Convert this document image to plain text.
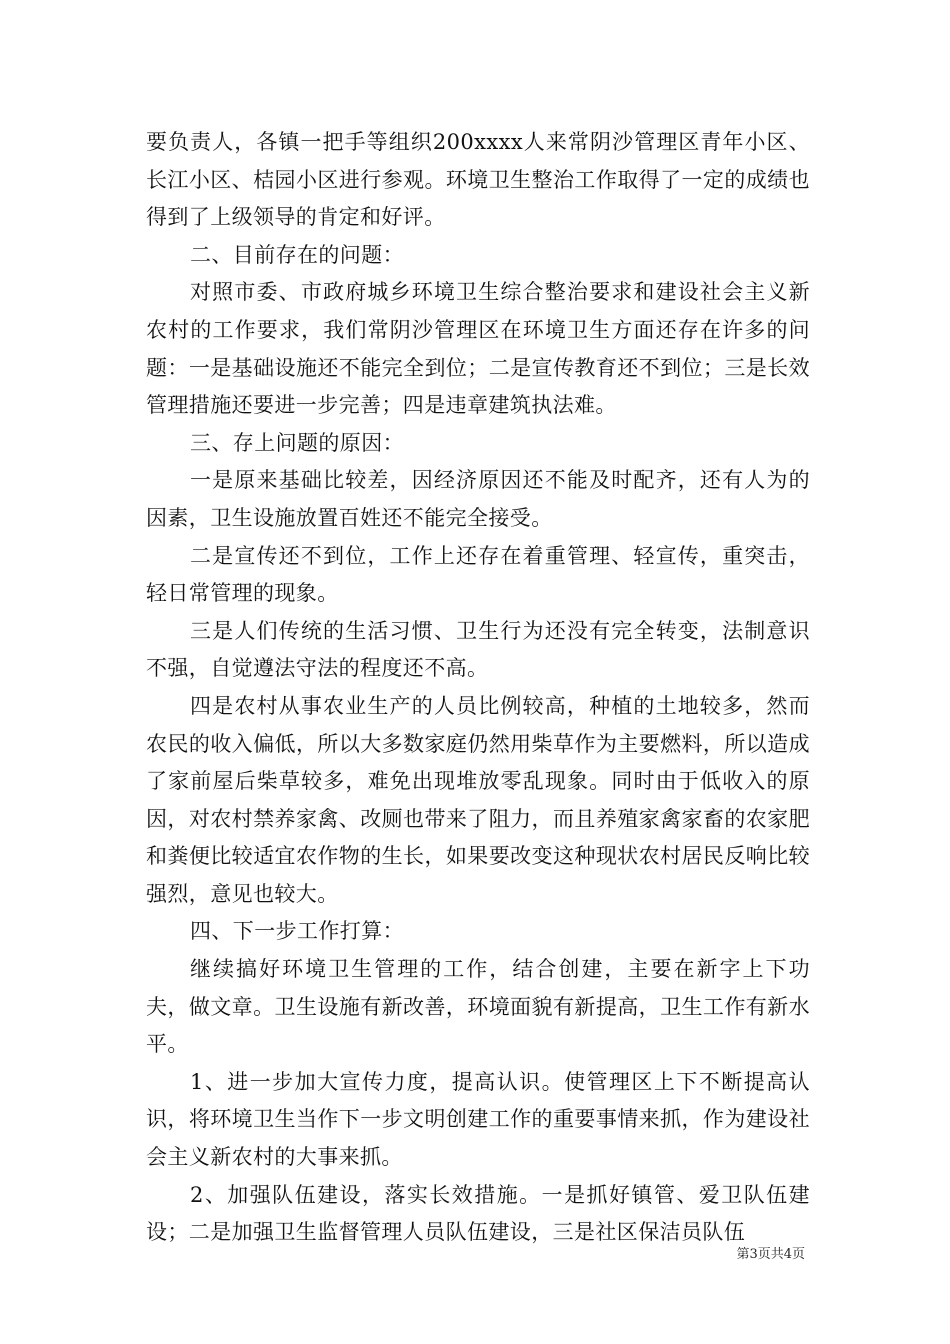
要负责人，各镇一把手等组织200xxxx人来常阴沙管理区青年小区、长江小区、桔园小区进行参观。环境卫生整治工作取得了一定的成绩也得到了上级领导的肯定和好评。

二、目前存在的问题：

对照市委、市政府城乡环境卫生综合整治要求和建设社会主义新农村的工作要求，我们常阴沙管理区在环境卫生方面还存在许多的问题：一是基础设施还不能完全到位；二是宣传教育还不到位；三是长效管理措施还要进一步完善；四是违章建筑执法难。

三、存上问题的原因：

一是原来基础比较差，因经济原因还不能及时配齐，还有人为的因素，卫生设施放置百姓还不能完全接受。

二是宣传还不到位，工作上还存在着重管理、轻宣传，重突击，轻日常管理的现象。

三是人们传统的生活习惯、卫生行为还没有完全转变，法制意识不强，自觉遵法守法的程度还不高。

四是农村从事农业生产的人员比例较高，种植的土地较多，然而农民的收入偏低，所以大多数家庭仍然用柴草作为主要燃料，所以造成了家前屋后柴草较多，难免出现堆放零乱现象。同时由于低收入的原因，对农村禁养家禽、改厕也带来了阻力，而且养殖家禽家畜的农家肥和粪便比较适宜农作物的生长，如果要改变这种现状农村居民反响比较强烈，意见也较大。

四、下一步工作打算：

继续搞好环境卫生管理的工作，结合创建，主要在新字上下功夫，做文章。卫生设施有新改善，环境面貌有新提高，卫生工作有新水平。

1、进一步加大宣传力度，提高认识。使管理区上下不断提高认识，将环境卫生当作下一步文明创建工作的重要事情来抓，作为建设社会主义新农村的大事来抓。

2、加强队伍建设，落实长效措施。一是抓好镇管、爱卫队伍建设；二是加强卫生监督管理人员队伍建设，三是社区保洁员队伍

第3页共4页
